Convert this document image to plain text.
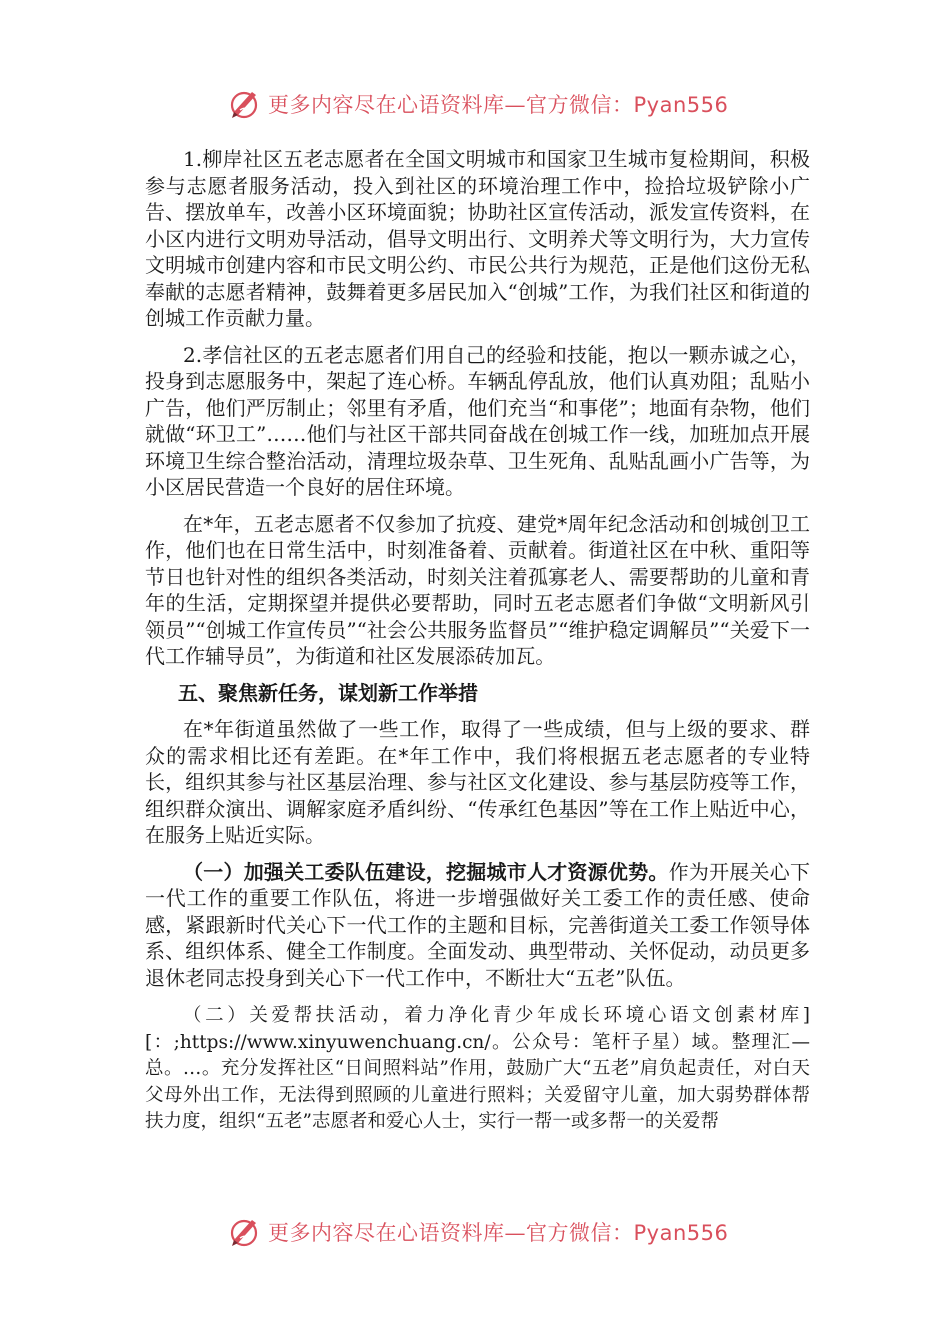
更多内容尽在心语资料库—官方微信：Pyan556

1.柳岸社区五老志愿者在全国文明城市和国家卫生城市复检期间，积极参与志愿者服务活动，投入到社区的环境治理工作中，捡拾垃圾铲除小广告、摆放单车，改善小区环境面貌；协助社区宣传活动，派发宣传资料，在小区内进行文明劝导活动，倡导文明出行、文明养犬等文明行为，大力宣传文明城市创建内容和市民文明公约、市民公共行为规范，正是他们这份无私奉献的志愿者精神，鼓舞着更多居民加入“创城”工作，为我们社区和街道的创城工作贡献力量。

2.孝信社区的五老志愿者们用自己的经验和技能，抱以一颗赤诚之心，投身到志愿服务中，架起了连心桥。车辆乱停乱放，他们认真劝阻；乱贴小广告，他们严厉制止；邻里有矛盾，他们充当“和事佬”；地面有杂物，他们就做“环卫工”……他们与社区干部共同奋战在创城工作一线，加班加点开展环境卫生综合整治活动，清理垃圾杂草、卫生死角、乱贴乱画小广告等，为小区居民营造一个良好的居住环境。

在*年，五老志愿者不仅参加了抗疫、建党*周年纪念活动和创城创卫工作，他们也在日常生活中，时刻准备着、贡献着。街道社区在中秋、重阳等节日也针对性的组织各类活动，时刻关注着孤寡老人、需要帮助的儿童和青年的生活，定期探望并提供必要帮助，同时五老志愿者们争做“文明新风引领员”“创城工作宣传员”“社会公共服务监督员”“维护稳定调解员”“关爱下一代工作辅导员”，为街道和社区发展添砖加瓦。

五、聚焦新任务，谋划新工作举措

在*年街道虽然做了一些工作，取得了一些成绩，但与上级的要求、群众的需求相比还有差距。在*年工作中，我们将根据五老志愿者的专业特长，组织其参与社区基层治理、参与社区文化建设、参与基层防疫等工作，组织群众演出、调解家庭矛盾纠纷、“传承红色基因”等在工作上贴近中心，在服务上贴近实际。

（一）加强关工委队伍建设，挖掘城市人才资源优势。作为开展关心下一代工作的重要工作队伍，将进一步增强做好关工委工作的责任感、使命感，紧跟新时代关心下一代工作的主题和目标，完善街道关工委工作领导体系、组织体系、健全工作制度。全面发动、典型带动、关怀促动，动员更多退休老同志投身到关心下一代工作中，不断壮大“五老”队伍。

（二）关爱帮扶活动，着力净化青少年成长环境心语文创素材库][：;https://www.xinyuwenchuang.cn/。公众号：笔杆子星）域。整理汇—总。…。充分发挥社区“日间照料站”作用，鼓励广大“五老”肩负起责任，对白天父母外出工作，无法得到照顾的儿童进行照料；关爱留守儿童，加大弱势群体帮扶力度，组织“五老”志愿者和爱心人士，实行一帮一或多帮一的关爱帮

更多内容尽在心语资料库—官方微信：Pyan556
